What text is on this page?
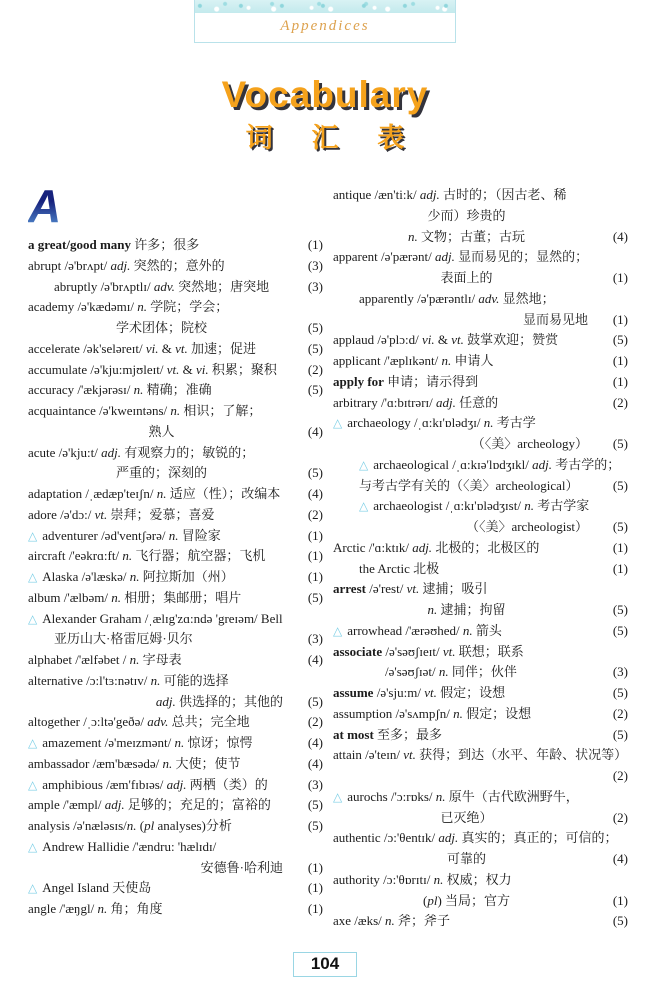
Appendices
Vocabulary
词 汇 表
A
a great/good many 许多；很多	(1)
abrupt /ə'brʌpt/ adj. 突然的；意外的	(3)
abruptly /ə'brʌptlɪ/ adv. 突然地；唐突地	(3)
academy /ə'kædəmɪ/ n. 学院；学会；
学术团体；院校	(5)
accelerate /ək'seləreɪt/ vi. & vt. 加速；促进	(5)
accumulate /ə'kju:mjʊleɪt/ vt. & vi. 积累；聚积	(2)
accuracy /'ækjərəsɪ/ n. 精确；准确	(5)
acquaintance /ə'kweɪntəns/ n. 相识；了解；
熟人	(4)
acute /ə'kju:t/ adj. 有观察力的；敏锐的；
严重的；深刻的	(5)
adaptation /ˌædæp'teɪʃn/ n. 适应（性）；改编本	(4)
adore /ə'dɔ:/ vt. 崇拜；爱慕；喜爱	(2)
△ adventurer /əd'ventʃərə/ n. 冒险家	(1)
aircraft /'eəkrɑ:ft/ n. 飞行器；航空器；飞机	(1)
△ Alaska /ə'læskə/ n. 阿拉斯加（州）	(1)
album /'ælbəm/ n. 相册；集邮册；唱片	(5)
△ Alexander Graham /ˌælɪg'zɑ:ndə 'greɪəm/ Bell
亚历山大·格雷厄姆·贝尔	(3)
alphabet /'ælfəbet / n. 字母表	(4)
alternative /ɔ:l'tɜ:nətɪv/ n. 可能的选择
adj. 供选择的；其他的	(5)
altogether /ˌɔ:ltə'geðə/ adv. 总共；完全地	(2)
△ amazement /ə'meɪzmənt/ n. 惊讶；惊愕	(4)
ambassador /æm'bæsədə/ n. 大使；使节	(4)
△ amphibious /æm'fɪbɪəs/ adj. 两栖（类）的	(3)
ample /'æmpl/ adj. 足够的；充足的；富裕的	(5)
analysis /ə'næləsɪs/n. (pl analyses)分析	(5)
△ Andrew Hallidie /'ændru: 'hælɪdɪ/
安德鲁·哈利迪	(1)
△ Angel Island 天使岛	(1)
angle /'æŋgl/ n. 角；角度	(1)
antique /æn'ti:k/ adj. 古时的；（因古老、稀
少而）珍贵的
n. 文物；古董；古玩	(4)
apparent /ə'pærənt/ adj. 显而易见的；显然的；
表面上的	(1)
apparently /ə'pærəntlɪ/ adv. 显然地；
显而易见地	(1)
applaud /ə'plɔ:d/ vi. & vt. 鼓掌欢迎；赞赏	(5)
applicant /'æplɪkənt/ n. 申请人	(1)
apply for 申请；请示得到	(1)
arbitrary /'ɑ:bɪtrərɪ/ adj. 任意的	(2)
△ archaeology /ˌɑ:kɪ'ɒlədʒɪ/ n. 考古学
（〈美〉archeology）	(5)
△ archaeological /ˌɑ:kɪə'lɒdʒɪkl/ adj. 考古学的；
与考古学有关的（〈美〉archeological）	(5)
△ archaeologist /ˌɑ:kɪ'ɒlədʒɪst/ n. 考古学家
（〈美〉archeologist）	(5)
Arctic /'ɑ:ktɪk/ adj. 北极的；北极区的	(1)
the Arctic 北极	(1)
arrest /ə'rest/ vt. 逮捕；吸引
n. 逮捕；拘留	(5)
△ arrowhead /'ærəʊhed/ n. 箭头	(5)
associate /ə'səʊʃɪeɪt/ vt. 联想；联系
/ə'səʊʃɪət/ n. 同伴；伙伴	(3)
assume /ə'sju:m/ vt. 假定；设想	(5)
assumption /ə'sʌmpʃn/ n. 假定；设想	(2)
at most 至多；最多	(5)
attain /ə'teɪn/ vt. 获得；到达（水平、年龄、状况等）
(2)
△ aurochs /'ɔ:rɒks/ n. 原牛（古代欧洲野牛，
已灭绝）	(2)
authentic /ɔ:'θentɪk/ adj. 真实的；真正的；可信的；
可靠的	(4)
authority /ɔ:'θɒrɪtɪ/ n. 权威；权力
(pl) 当局；官方	(1)
axe /æks/ n. 斧；斧子	(5)
104
